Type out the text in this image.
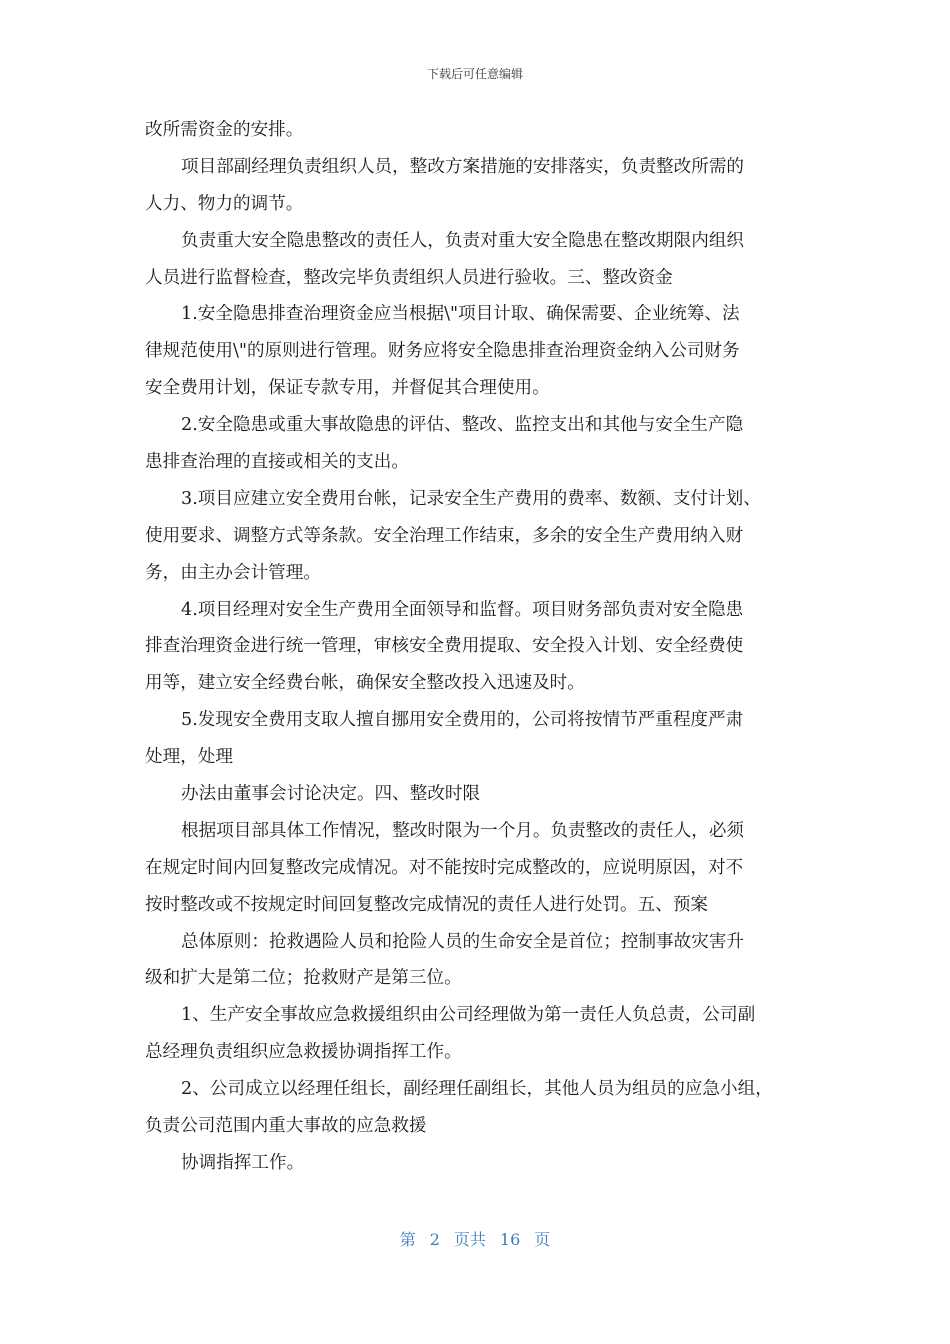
下载后可任意编辑
改所需资金的安排。
项目部副经理负责组织人员，整改方案措施的安排落实，负责整改所需的
人力、物力的调节。
负责重大安全隐患整改的责任人，负责对重大安全隐患在整改期限内组织
人员进行监督检查，整改完毕负责组织人员进行验收。三、整改资金
1.安全隐患排查治理资金应当根据\"项目计取、确保需要、企业统筹、法
律规范使用\"的原则进行管理。财务应将安全隐患排查治理资金纳入公司财务
安全费用计划，保证专款专用，并督促其合理使用。
2.安全隐患或重大事故隐患的评估、整改、监控支出和其他与安全生产隐
患排查治理的直接或相关的支出。
3.项目应建立安全费用台帐，记录安全生产费用的费率、数额、支付计划、
使用要求、调整方式等条款。安全治理工作结束，多余的安全生产费用纳入财
务，由主办会计管理。
4.项目经理对安全生产费用全面领导和监督。项目财务部负责对安全隐患
排查治理资金进行统一管理，审核安全费用提取、安全投入计划、安全经费使
用等，建立安全经费台帐，确保安全整改投入迅速及时。
5.发现安全费用支取人擅自挪用安全费用的，公司将按情节严重程度严肃
处理，处理
办法由董事会讨论决定。四、整改时限
根据项目部具体工作情况，整改时限为一个月。负责整改的责任人，必须
在规定时间内回复整改完成情况。对不能按时完成整改的，应说明原因，对不
按时整改或不按规定时间回复整改完成情况的责任人进行处罚。五、预案
总体原则：抢救遇险人员和抢险人员的生命安全是首位；控制事故灾害升
级和扩大是第二位；抢救财产是第三位。
1、生产安全事故应急救援组织由公司经理做为第一责任人负总责，公司副
总经理负责组织应急救援协调指挥工作。
2、公司成立以经理任组长，副经理任副组长，其他人员为组员的应急小组，
负责公司范围内重大事故的应急救援
协调指挥工作。
第 2 页共 16 页
